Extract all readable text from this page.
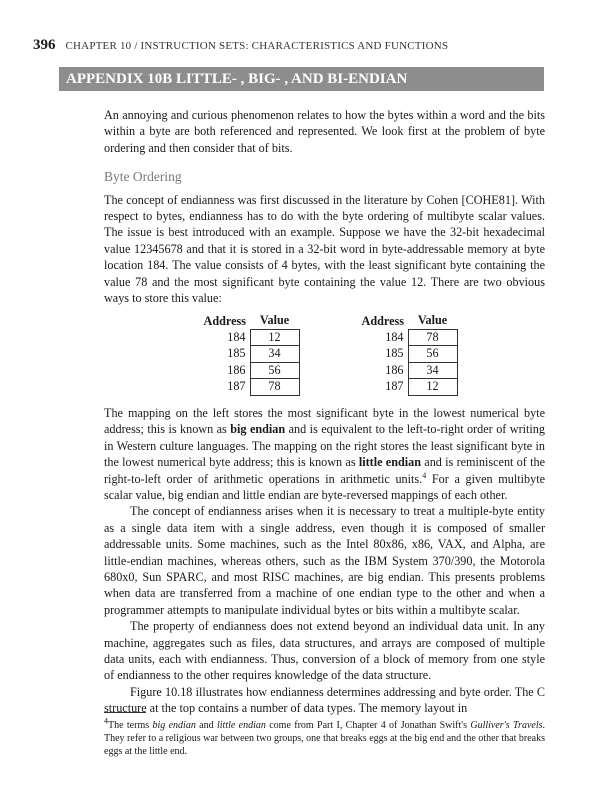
396 CHAPTER 10 / INSTRUCTION SETS: CHARACTERISTICS AND FUNCTIONS
APPENDIX 10B LITTLE- , BIG- , AND BI-ENDIAN

An annoying and curious phenomenon relates to how the bytes within a word and the bits within a byte are both referenced and represented. We look first at the problem of byte ordering and then consider that of bits.

Byte Ordering

The concept of endianness was first discussed in the literature by Cohen [COHE81]. With respect to bytes, endianness has to do with the byte ordering of multibyte scalar values. The issue is best introduced with an example. Suppose we have the 32-bit hexadecimal value 12345678 and that it is stored in a 32-bit word in byte-addressable memory at byte location 184. The value consists of 4 bytes, with the least significant byte containing the value 78 and the most significant byte containing the value 12. There are two obvious ways to store this value:

Address	Value
184	12
185	34
186	56
187	78
Address	Value
184	78
185	56
186	34
187	12

The mapping on the left stores the most significant byte in the lowest numerical byte address; this is known as big endian and is equivalent to the left-to-right order of writing in Western culture languages. The mapping on the right stores the least significant byte in the lowest numerical byte address; this is known as little endian and is reminiscent of the right-to-left order of arithmetic operations in arithmetic units.$^4$ For a given multibyte scalar value, big endian and little endian are byte-reversed mappings of each other.

The concept of endianness arises when it is necessary to treat a multiple-byte entity as a single data item with a single address, even though it is composed of smaller addressable units. Some machines, such as the Intel 80x86, x86, VAX, and Alpha, are little-endian machines, whereas others, such as the IBM System 370/390, the Motorola 680x0, Sun SPARC, and most RISC machines, are big endian. This presents problems when data are transferred from a machine of one endian type to the other and when a programmer attempts to manipulate individual bytes or bits within a multibyte scalar.

The property of endianness does not extend beyond an individual data unit. In any machine, aggregates such as files, data structures, and arrays are composed of multiple data units, each with endianness. Thus, conversion of a block of memory from one style of endianness to the other requires knowledge of the data structure.

Figure 10.18 illustrates how endianness determines addressing and byte order. The C structure at the top contains a number of data types. The memory layout in

$^4$The terms big endian and little endian come from Part I, Chapter 4 of Jonathan Swift's Gulliver's Travels. They refer to a religious war between two groups, one that breaks eggs at the big end and the other that breaks eggs at the little end.
